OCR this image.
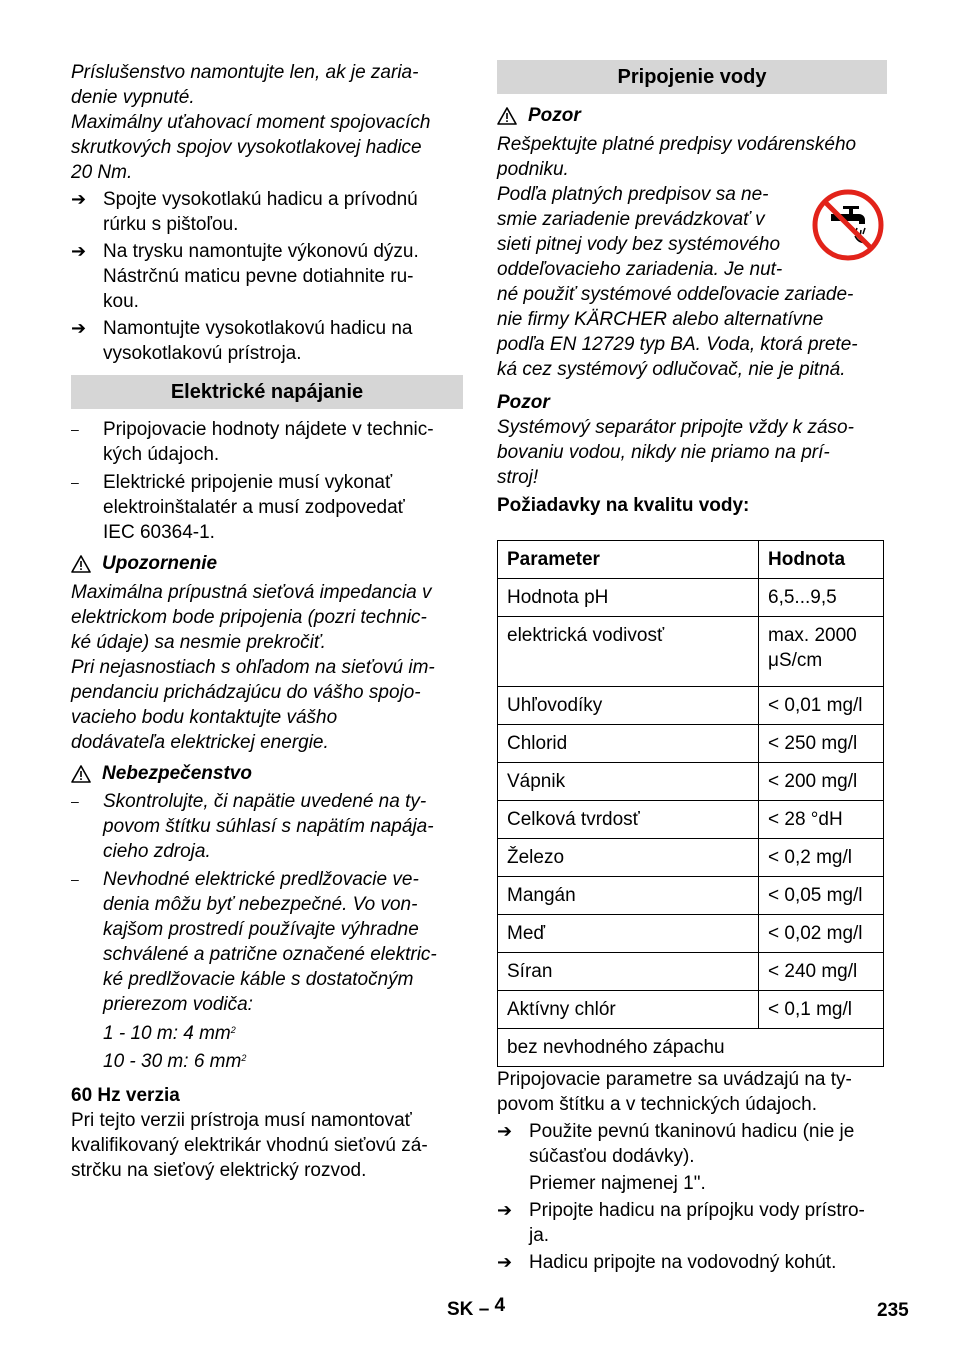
Príslušenstvo namontujte len, ak je zaria-

denie vypnuté.

Maximálny uťahovací moment spojovacích

skrutkových spojov vysokotlakovej hadice

20 Nm.

➔ Spojte vysokotlakú hadicu a prívodnú

rúrku s pištoľou.

➔ Na trysku namontujte výkonovú dýzu.

Nástrčnú maticu pevne dotiahnite ru-

kou.

➔ Namontujte vysokotlakovú hadicu na

vysokotlakovú prístroja.

Elektrické napájanie
–	Pripojovacie hodnoty nájdete v technic-

kých údajoch.

–	Elektrické pripojenie musí vykonať

elektroinštalatér a musí zodpovedať

IEC 60364-1.

Upozornenie

Maximálna prípustná sieťová impedancia v

elektrickom bode pripojenia (pozri technic-

ké údaje) sa nesmie prekročiť.

Pri nejasnostiach s ohľadom na sieťovú im-

pendanciu prichádzajúcu do vášho spojo-

vacieho bodu kontaktujte vášho

dodávateľa elektrickej energie.

Nebezpečenstvo
–	Skontrolujte, či napätie uvedené na ty-

povom štítku súhlasí s napätím napája-

cieho zdroja.

–	Nevhodné elektrické predlžovacie ve-

denia môžu byť nebezpečné. Vo von-

kajšom prostredí používajte výhradne

schválené a patrične označené elektric-

ké predlžovacie káble s dostatočným

prierezom vodiča:

1 - 10 m: 4 $mm^2$

10 - 30 m: 6 $mm^2$

60 Hz verzia

Pri tejto verzii prístroja musí namontovať

kvalifikovaný elektrikár vhodnú sieťovú zá-

strčku na sieťový elektrický rozvod.

Pripojenie vody
Pozor

Rešpektujte platné predpisy vodárenského

podniku.

Podľa platných predpisov sa ne-

smie zariadenie prevádzkovať v

sieti pitnej vody bez systémového

oddeľovacieho zariadenia. Je nut-

né použiť systémové oddeľovacie zariade-

nie firmy KÄRCHER alebo alternatívne

podľa EN 12729 typ BA. Voda, ktorá prete-

ká cez systémový odlučovač, nie je pitná.

Pozor

Systémový separátor pripojte vždy k záso-

bovaniu vodou, nikdy nie priamo na prí-

stroj!

Požiadavky na kvalitu vody:

Parameter	Hodnota
Hodnota pH	6,5...9,5
elektrická vodivosť	max. 2000 μS/cm
Uhľovodíky	< 0,01 mg/l
Chlorid	< 250 mg/l
Vápnik	< 200 mg/l
Celková tvrdosť	< 28 °dH
Železo	< 0,2 mg/l
Mangán	< 0,05 mg/l
Meď	< 0,02 mg/l
Síran	< 240 mg/l
Aktívny chlór	< 0,1 mg/l
bez nevhodného zápachu	

Pripojovacie parametre sa uvádzajú na ty-

povom štítku a v technických údajoch.

➔ Použite pevnú tkaninovú hadicu (nie je

súčasťou dodávky).

Priemer najmenej 1".

➔ Pripojte hadicu na prípojku vody prístro-

ja.

➔ Hadicu pripojte na vodovodný kohút.

SK – 4	235
